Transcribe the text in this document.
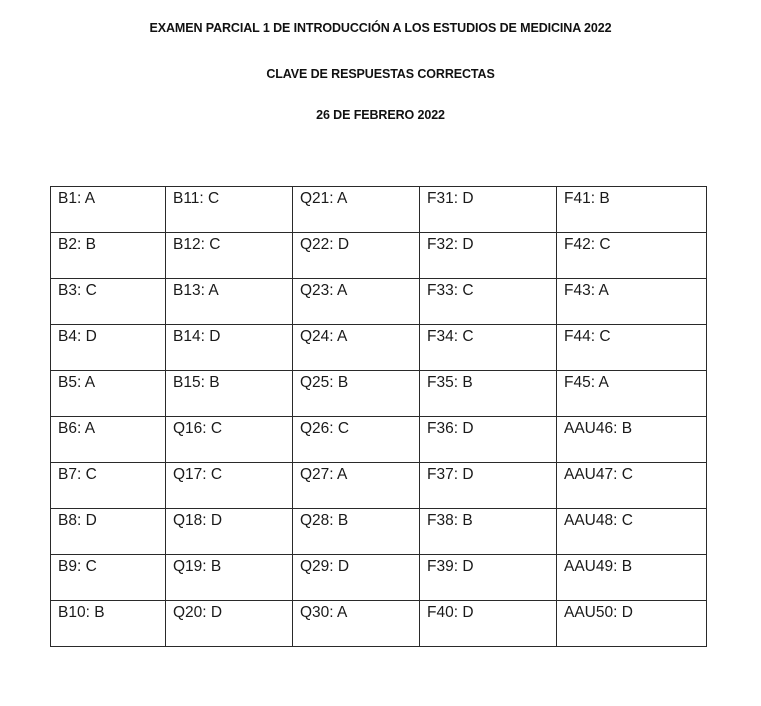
EXAMEN PARCIAL 1 DE INTRODUCCIÓN A LOS ESTUDIOS DE MEDICINA 2022

CLAVE DE RESPUESTAS CORRECTAS

26 DE FEBRERO 2022

B1: A	B11: C	Q21: A	F31: D	F41: B

B2: B	B12: C	Q22: D	F32: D	F42: C

B3: C	B13: A	Q23: A	F33: C	F43: A

B4: D	B14: D	Q24: A	F34: C	F44: C

B5: A	B15: B	Q25: B	F35: B	F45: A

B6: A	Q16: C	Q26: C	F36: D	AAU46: B

B7: C	Q17: C	Q27: A	F37: D	AAU47: C

B8: D	Q18: D	Q28: B	F38: B	AAU48: C

B9: C	Q19: B	Q29: D	F39: D	AAU49: B

B10: B	Q20: D	Q30: A	F40: D	AAU50: D
